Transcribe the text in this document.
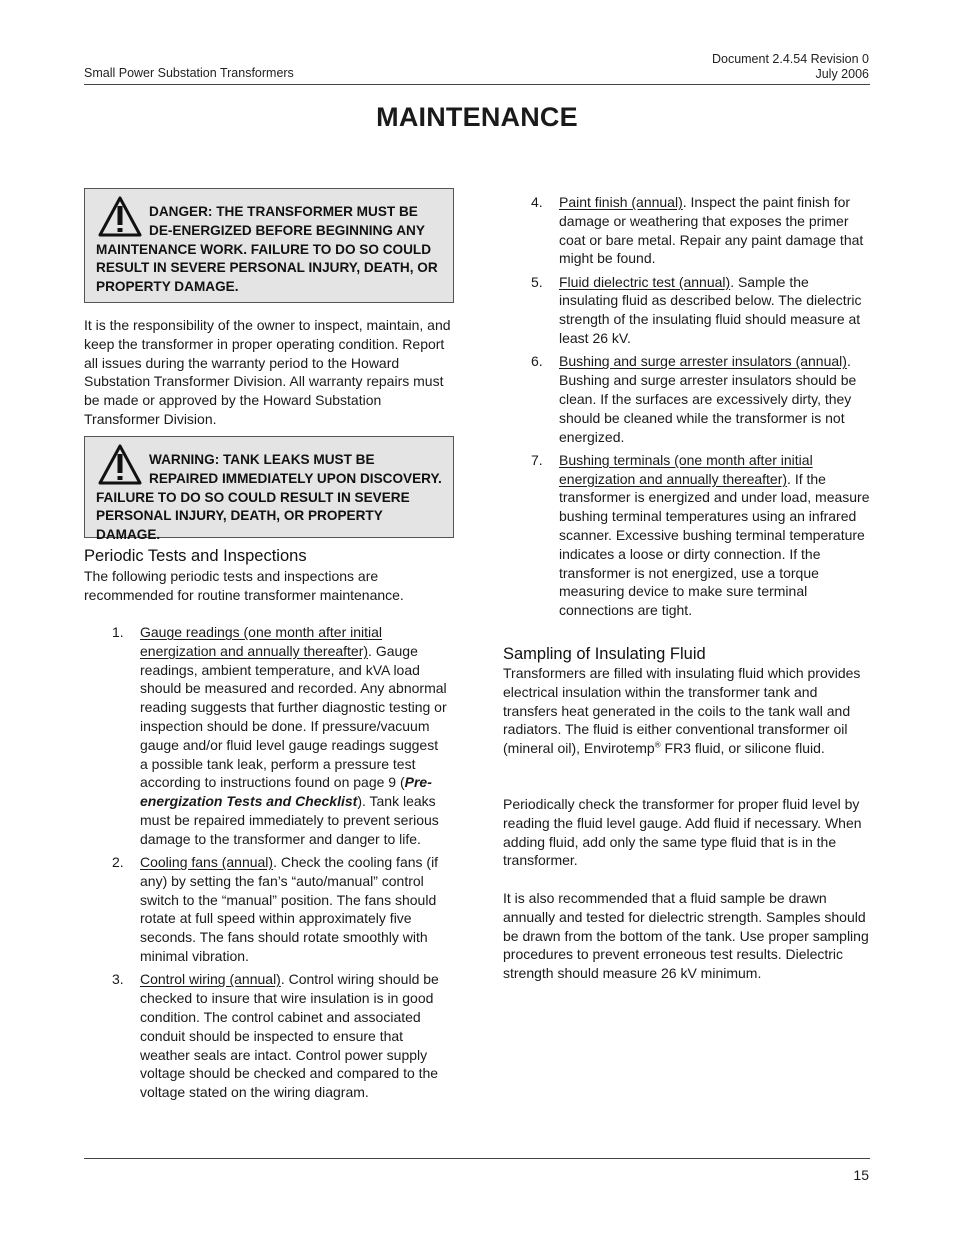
Small Power Substation Transformers
Document 2.4.54 Revision 0
July 2006
MAINTENANCE
DANGER: THE TRANSFORMER MUST BE DE-ENERGIZED BEFORE BEGINNING ANY MAINTENANCE WORK. FAILURE TO DO SO COULD RESULT IN SEVERE PERSONAL INJURY, DEATH, OR PROPERTY DAMAGE.
It is the responsibility of the owner to inspect, maintain, and keep the transformer in proper operating condition. Report all issues during the warranty period to the Howard Substation Transformer Division. All warranty repairs must be made or approved by the Howard Substation Transformer Division.
WARNING: TANK LEAKS MUST BE REPAIRED IMMEDIATELY UPON DISCOVERY. FAILURE TO DO SO COULD RESULT IN SEVERE PERSONAL INJURY, DEATH, OR PROPERTY DAMAGE.
Periodic Tests and Inspections
The following periodic tests and inspections are recommended for routine transformer maintenance.
1. Gauge readings (one month after initial energization and annually thereafter). Gauge readings, ambient temperature, and kVA load should be measured and recorded. Any abnormal reading suggests that further diagnostic testing or inspection should be done. If pressure/vacuum gauge and/or fluid level gauge readings suggest a possible tank leak, perform a pressure test according to instructions found on page 9 (Pre-energization Tests and Checklist). Tank leaks must be repaired immediately to prevent serious damage to the transformer and danger to life.
2. Cooling fans (annual). Check the cooling fans (if any) by setting the fan’s “auto/manual” control switch to the “manual” position. The fans should rotate at full speed within approximately five seconds. The fans should rotate smoothly with minimal vibration.
3. Control wiring (annual). Control wiring should be checked to insure that wire insulation is in good condition. The control cabinet and associated conduit should be inspected to ensure that weather seals are intact. Control power supply voltage should be checked and compared to the voltage stated on the wiring diagram.
4. Paint finish (annual). Inspect the paint finish for damage or weathering that exposes the primer coat or bare metal. Repair any paint damage that might be found.
5. Fluid dielectric test (annual). Sample the insulating fluid as described below. The dielectric strength of the insulating fluid should measure at least 26 kV.
6. Bushing and surge arrester insulators (annual). Bushing and surge arrester insulators should be clean. If the surfaces are excessively dirty, they should be cleaned while the transformer is not energized.
7. Bushing terminals (one month after initial energization and annually thereafter). If the transformer is energized and under load, measure bushing terminal temperatures using an infrared scanner. Excessive bushing terminal temperature indicates a loose or dirty connection. If the transformer is not energized, use a torque measuring device to make sure terminal connections are tight.
Sampling of Insulating Fluid
Transformers are filled with insulating fluid which provides electrical insulation within the transformer tank and transfers heat generated in the coils to the tank wall and radiators. The fluid is either conventional transformer oil (mineral oil), Envirotemp® FR3 fluid, or silicone fluid.
Periodically check the transformer for proper fluid level by reading the fluid level gauge. Add fluid if necessary. When adding fluid, add only the same type fluid that is in the transformer.
It is also recommended that a fluid sample be drawn annually and tested for dielectric strength. Samples should be drawn from the bottom of the tank. Use proper sampling procedures to prevent erroneous test results. Dielectric strength should measure 26 kV minimum.
15
